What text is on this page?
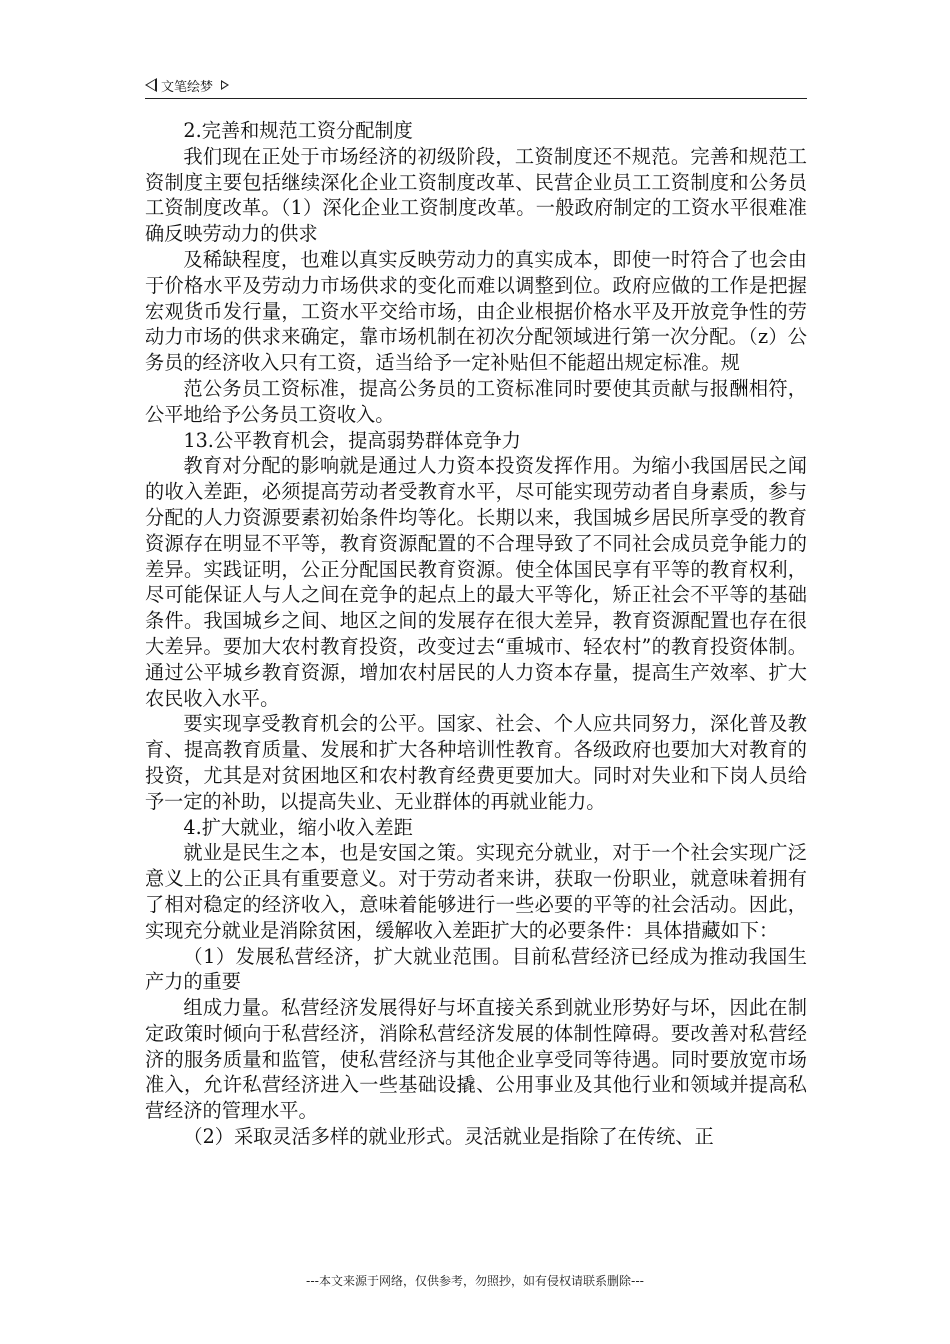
文笔绘梦

2.完善和规范工资分配制度

我们现在正处于市场经济的初级阶段，工资制度还不规范。完善和规范工资制度主要包括继续深化企业工资制度改革、民营企业员工工资制度和公务员工资制度改革。（1）深化企业工资制度改革。一般政府制定的工资水平很难准确反映劳动力的供求

及稀缺程度，也难以真实反映劳动力的真实成本，即使一时符合了也会由于价格水平及劳动力市场供求的变化而难以调整到位。政府应做的工作是把握宏观货币发行量，工资水平交给市场，由企业根据价格水平及开放竞争性的劳动力市场的供求来确定，靠市场机制在初次分配领域进行第一次分配。（z）公务员的经济收入只有工资，适当给予一定补贴但不能超出规定标准。规

范公务员工资标准，提高公务员的工资标准同时要使其贡献与报酬相符，公平地给予公务员工资收入。

13.公平教育机会，提高弱势群体竞争力

教育对分配的影响就是通过人力资本投资发挥作用。为缩小我国居民之闻的收入差距，必须提高劳动者受教育水平，尽可能实现劳动者自身素质，参与分配的人力资源要素初始条件均等化。长期以来，我国城乡居民所享受的教育资源存在明显不平等，教育资源配置的不合理导致了不同社会成员竞争能力的差异。实践证明，公正分配国民教育资源。使全体国民享有平等的教育权利，尽可能保证人与人之间在竞争的起点上的最大平等化，矫正社会不平等的基础条件。我国城乡之间、地区之间的发展存在很大差异，教育资源配置也存在很大差异。要加大农村教育投资，改变过去“重城市、轻农村”的教育投资体制。通过公平城乡教育资源，增加农村居民的人力资本存量，提高生产效率、扩大农民收入水平。

要实现享受教育机会的公平。国家、社会、个人应共同努力，深化普及教育、提高教育质量、发展和扩大各种培训性教育。各级政府也要加大对教育的投资，尤其是对贫困地区和农村教育经费更要加大。同时对失业和下岗人员给予一定的补助，以提高失业、无业群体的再就业能力。

4.扩大就业，缩小收入差距

就业是民生之本，也是安国之策。实现充分就业，对于一个社会实现广泛意义上的公正具有重要意义。对于劳动者来讲，获取一份职业，就意味着拥有了相对稳定的经济收入，意味着能够进行一些必要的平等的社会活动。因此，实现充分就业是消除贫困，缓解收入差距扩大的必要条件：具体措藏如下：

（1）发展私营经济，扩大就业范围。目前私营经济已经成为推动我国生产力的重要

组成力量。私营经济发展得好与坏直接关系到就业形势好与坏，因此在制定政策时倾向于私营经济，消除私营经济发展的体制性障碍。要改善对私营经济的服务质量和监管，使私营经济与其他企业享受同等待遇。同时要放宽市场准入，允许私营经济进入一些基础设撬、公用事业及其他行业和领域并提高私营经济的管理水平。

（2）采取灵活多样的就业形式。灵活就业是指除了在传统、正

---本文来源于网络，仅供参考，勿照抄，如有侵权请联系删除---
